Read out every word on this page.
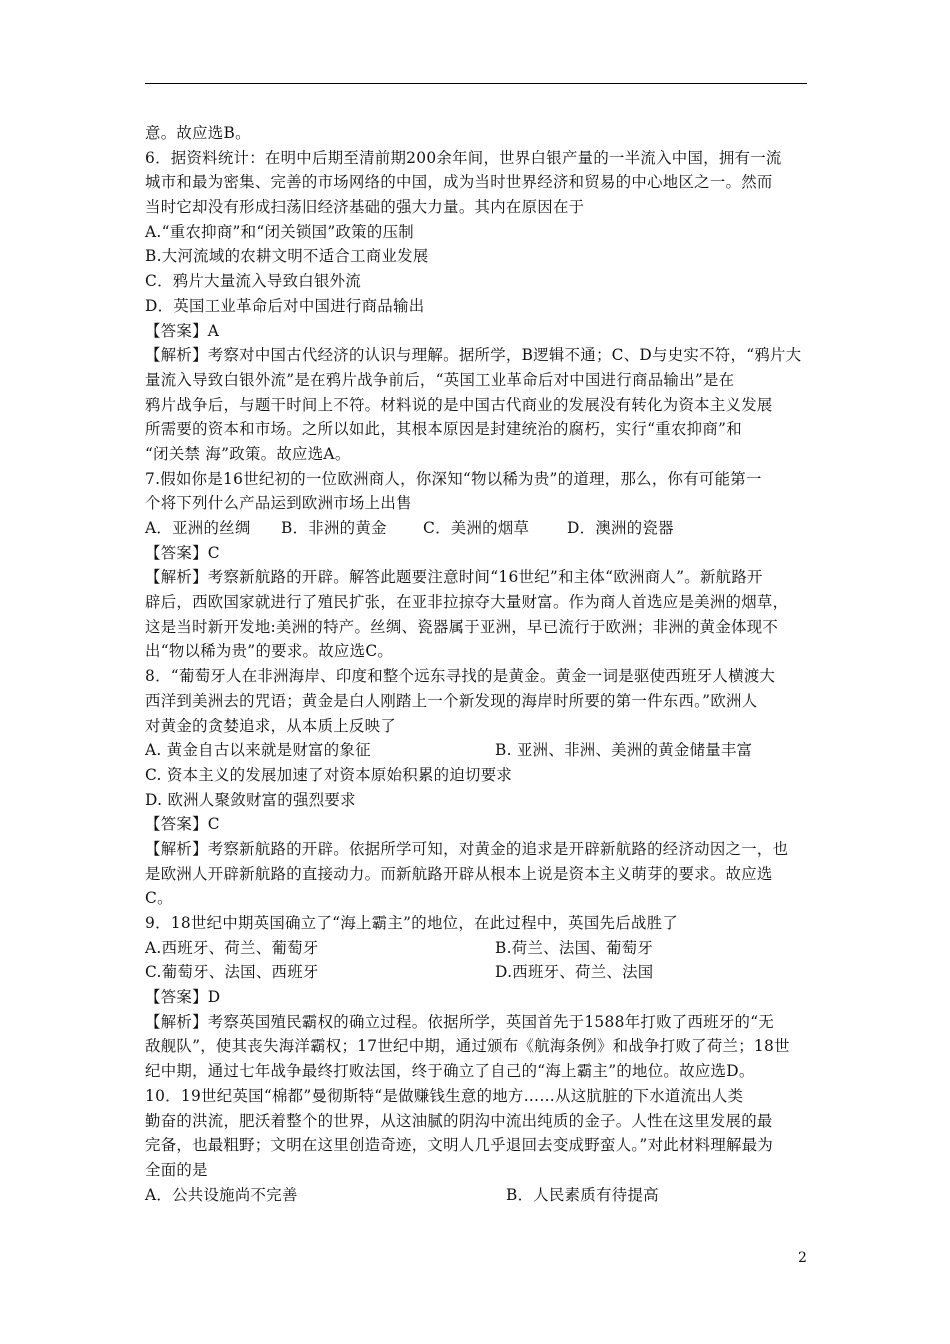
意。故应选B。
6．据资料统计：在明中后期至清前期200余年间，世界白银产量的一半流入中国，拥有一流
城市和最为密集、完善的市场网络的中国，成为当时世界经济和贸易的中心地区之一。然而
当时它却没有形成扫荡旧经济基础的强大力量。其内在原因在于
A.“重农抑商”和“闭关锁国”政策的压制
B.大河流域的农耕文明不适合工商业发展
C．鸦片大量流入导致白银外流
D．英国工业革命后对中国进行商品输出
【答案】A
【解析】考察对中国古代经济的认识与理解。据所学，B逻辑不通；C、D与史实不符，“鸦片大
量流入导致白银外流”是在鸦片战争前后，“英国工业革命后对中国进行商品输出”是在
鸦片战争后，与题干时间上不符。材料说的是中国古代商业的发展没有转化为资本主义发展
所需要的资本和市场。之所以如此，其根本原因是封建统治的腐朽，实行“重农抑商”和
“闭关禁 海”政策。故应选A。
7.假如你是16世纪初的一位欧洲商人，你深知“物以稀为贵”的道理，那么，你有可能第一
个将下列什么产品运到欧洲市场上出售
A．亚洲的丝绸	B．非洲的黄金	C．美洲的烟草	D．澳洲的瓷器
【答案】C
【解析】考察新航路的开辟。解答此题要注意时间“16世纪”和主体“欧洲商人”。新航路开
辟后，西欧国家就进行了殖民扩张，在亚非拉掠夺大量财富。作为商人首选应是美洲的烟草，
这是当时新开发地:美洲的特产。丝绸、瓷器属于亚洲，早已流行于欧洲；非洲的黄金体现不
出“物以稀为贵”的要求。故应选C。
8．“葡萄牙人在非洲海岸、印度和整个远东寻找的是黄金。黄金一词是驱使西班牙人横渡大
西洋到美洲去的咒语；黄金是白人刚踏上一个新发现的海岸时所要的第一件东西。”欧洲人
对黄金的贪婪追求，从本质上反映了
A. 黄金自古以来就是财富的象征	B. 亚洲、非洲、美洲的黄金储量丰富
C. 资本主义的发展加速了对资本原始积累的迫切要求
D. 欧洲人聚敛财富的强烈要求
【答案】C
【解析】考察新航路的开辟。依据所学可知，对黄金的追求是开辟新航路的经济动因之一，也
是欧洲人开辟新航路的直接动力。而新航路开辟从根本上说是资本主义萌芽的要求。故应选
C。
9．18世纪中期英国确立了“海上霸主”的地位，在此过程中，英国先后战胜了
A.西班牙、荷兰、葡萄牙	B.荷兰、法国、葡萄牙
C.葡萄牙、法国、西班牙	D.西班牙、荷兰、法国
【答案】D
【解析】考察英国殖民霸权的确立过程。依据所学，英国首先于1588年打败了西班牙的“无
敌舰队”，使其丧失海洋霸权；17世纪中期，通过颁布《航海条例》和战争打败了荷兰；18世
纪中期，通过七年战争最终打败法国，终于确立了自己的“海上霸主”的地位。故应选D。
10．19世纪英国“棉都”曼彻斯特“是做赚钱生意的地方……从这肮脏的下水道流出人类
勤奋的洪流，肥沃着整个的世界，从这油腻的阴沟中流出纯质的金子。人性在这里发展的最
完备，也最粗野；文明在这里创造奇迹，文明人几乎退回去变成野蛮人。”对此材料理解最为
全面的是
A．公共设施尚不完善	B．人民素质有待提高
2
